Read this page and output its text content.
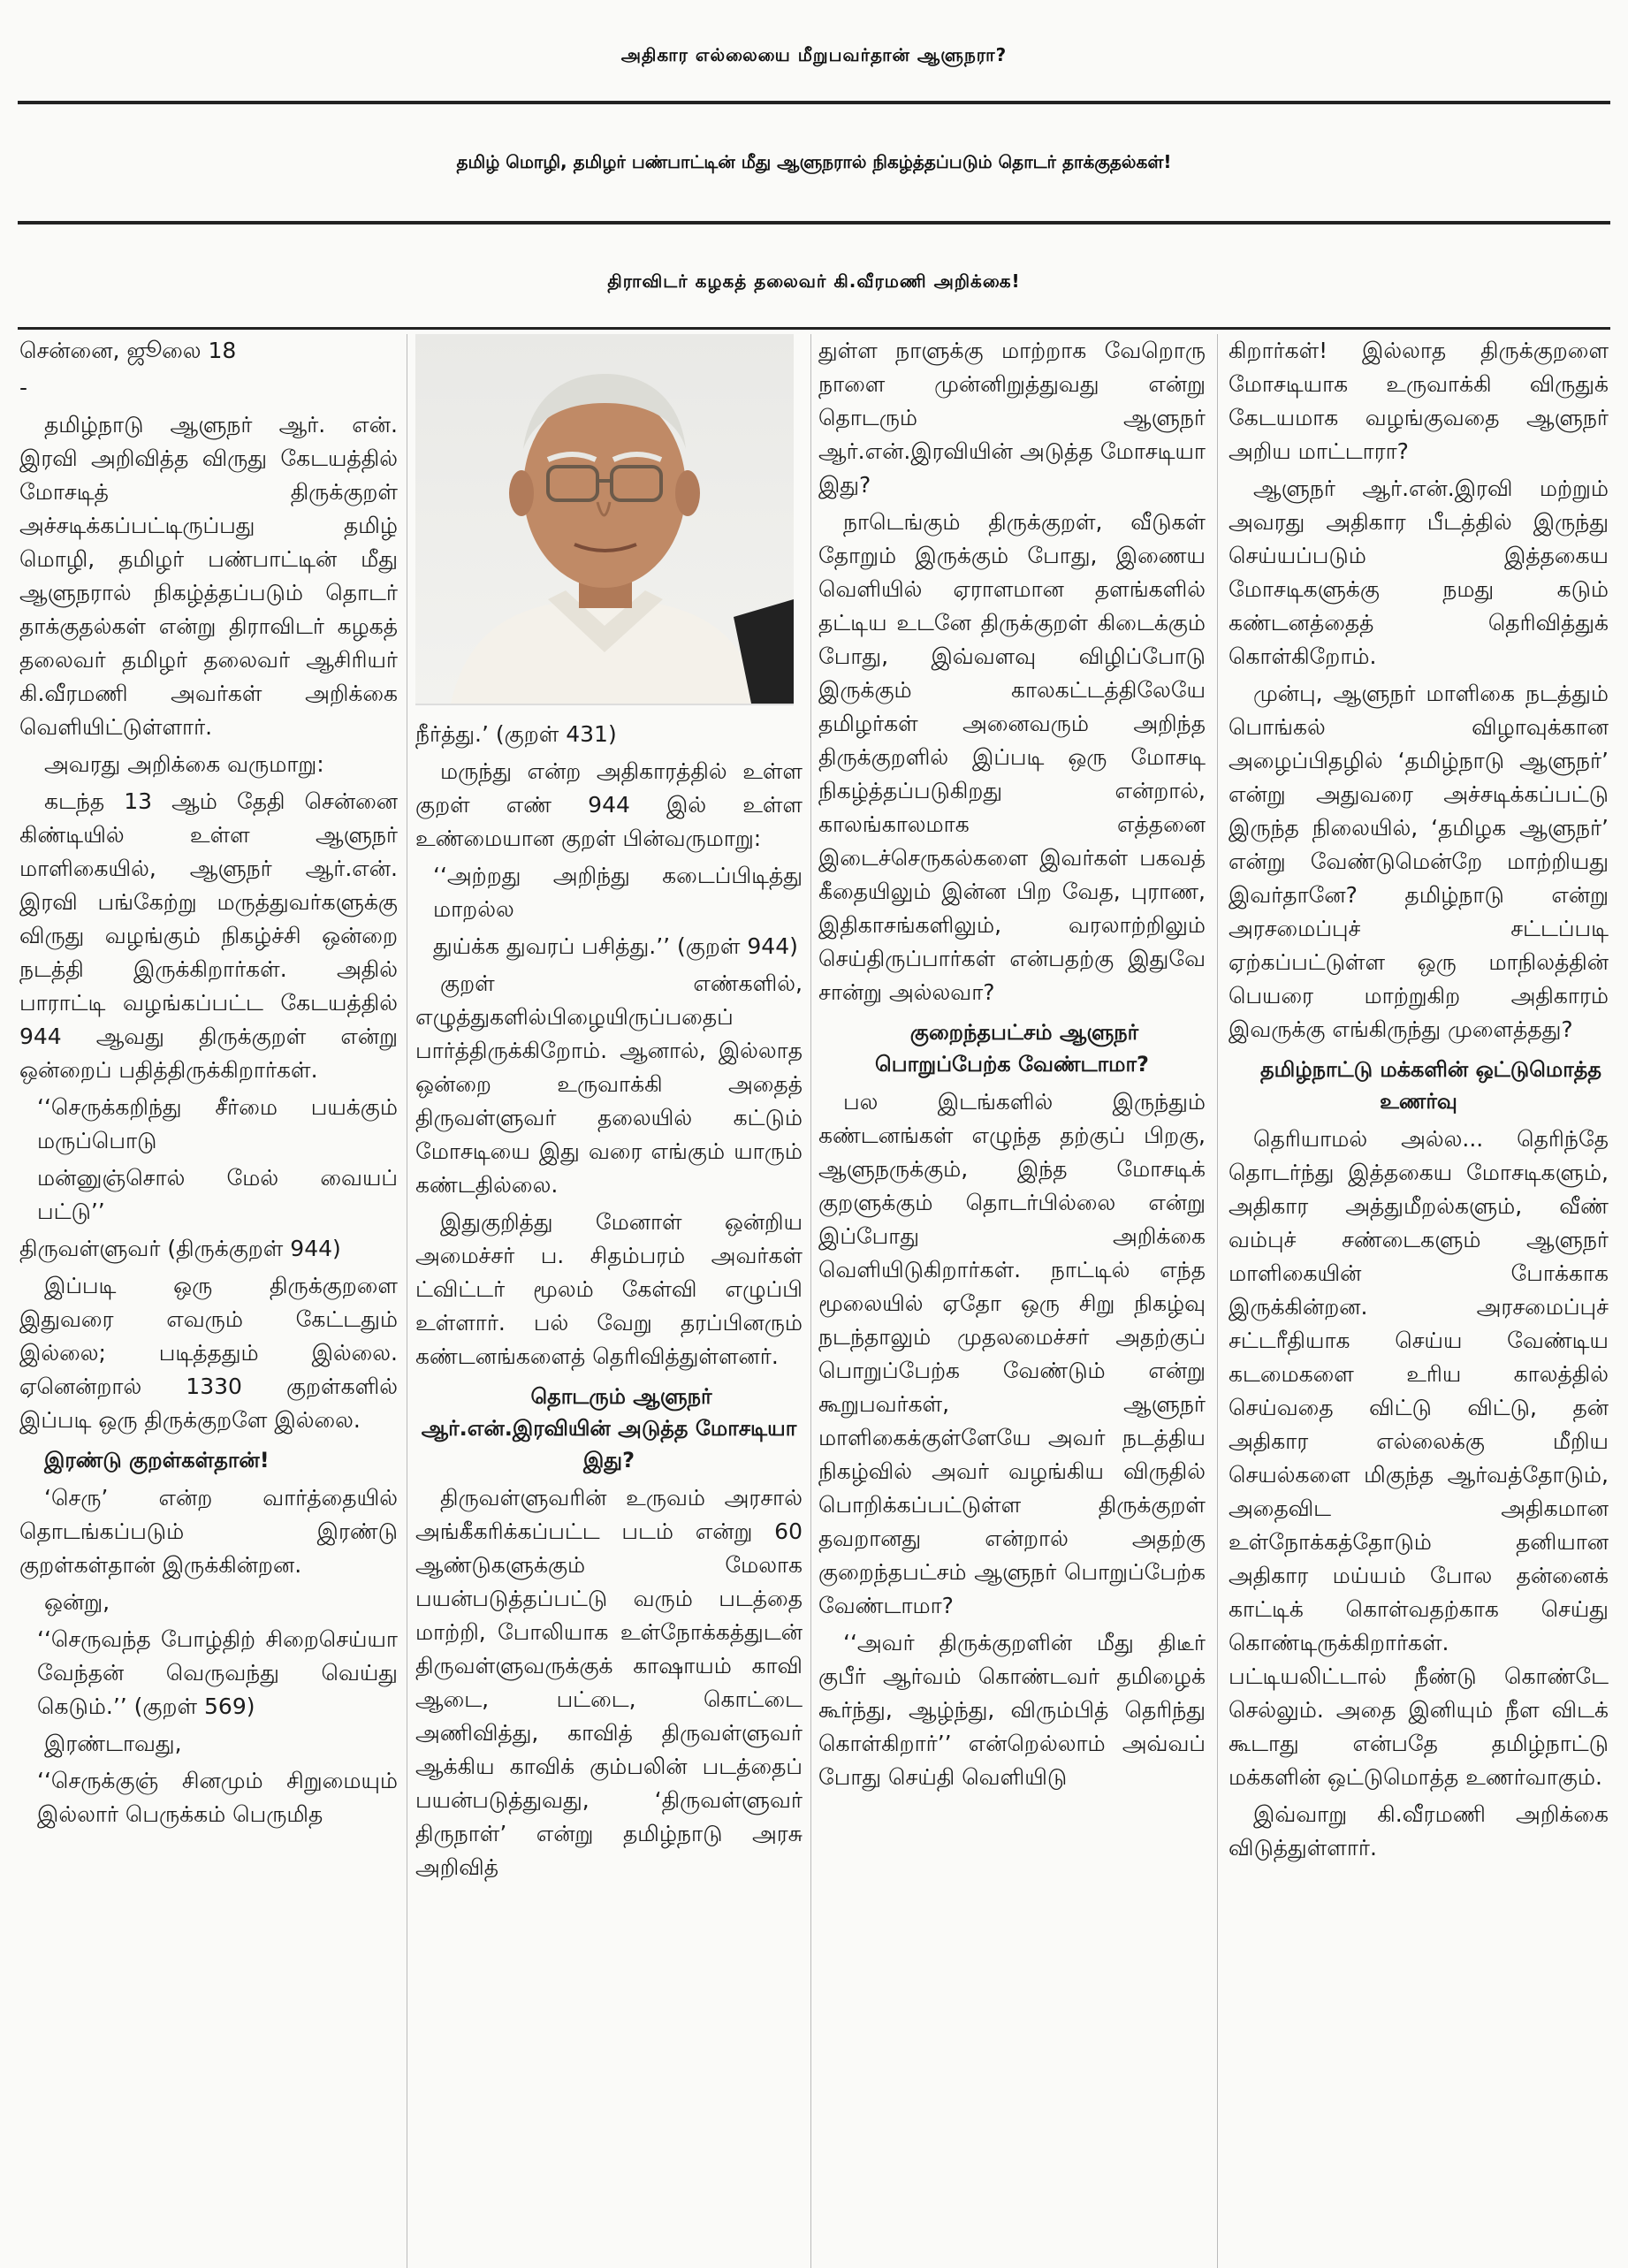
அதிகார எல்லையை மீறுபவர்தான் ஆளுநரா?
தமிழ் மொழி, தமிழர் பண்பாட்டின் மீது ஆளுநரால் நிகழ்த்தப்படும் தொடர் தாக்குதல்கள்!
திராவிடர் கழகத் தலைவர் கி.வீரமணி அறிக்கை!

சென்னை, ஜூலை 18

-

தமிழ்நாடு ஆளுநர் ஆர். என். இரவி அறிவித்த விருது கேடயத்தில் மோசடித் திருக்குறள் அச்சடிக்கப்பட்டிருப்பது தமிழ் மொழி, தமிழர் பண்பாட்டின் மீது ஆளுநரால் நிகழ்த்தப்படும் தொடர் தாக்குதல்கள் என்று திராவிடர் கழகத் தலைவர் தமிழர் தலைவர் ஆசிரியர் கி.வீரமணி அவர்கள் அறிக்கை வெளியிட்டுள்ளார்.

அவரது அறிக்கை வருமாறு:

கடந்த 13 ஆம் தேதி சென்னை கிண்டியில் உள்ள ஆளுநர் மாளிகையில், ஆளுநர் ஆர்.என். இரவி பங்கேற்று மருத்துவர்களுக்கு விருது வழங்கும் நிகழ்ச்சி ஒன்றை நடத்தி இருக்கிறார்கள். அதில் பாராட்டி வழங்கப்பட்ட கேடயத்தில் 944 ஆவது திருக்குறள் என்று ஒன்றைப் பதித்திருக்கிறார்கள்.

‘‘செருக்கறிந்து சீர்மை பயக்கும் மருப்பொடு

மன்னுஞ்சொல் மேல் வையப் பட்டு’’

திருவள்ளுவர் (திருக்குறள் 944)

இப்படி ஒரு திருக்குறளை இதுவரை எவரும் கேட்டதும் இல்லை; படித்ததும் இல்லை. ஏனென்றால் 1330 குறள்களில் இப்படி ஒரு திருக்குறளே இல்லை.

இரண்டு குறள்கள்தான்!

‘செரு’ என்ற வார்த்தையில் தொடங்கப்படும் இரண்டு குறள்கள்தான் இருக்கின்றன.

ஒன்று,

‘‘செருவந்த போழ்திற் சிறைசெய்யா வேந்தன் வெருவந்து வெய்து கெடும்.’’ (குறள் 569)

இரண்டாவது,

‘‘செருக்குஞ் சினமும் சிறுமையும் இல்லார் பெருக்கம் பெருமித

நீர்த்து.’ (குறள் 431)

மருந்து என்ற அதிகாரத்தில் உள்ள குறள் எண் 944 இல் உள்ள உண்மையான குறள் பின்வருமாறு:

‘‘அற்றது அறிந்து கடைப்பிடித்து மாறல்ல

துய்க்க துவரப் பசித்து.’’ (குறள் 944)

குறள் எண்களில், எழுத்துகளில்பிழையிருப்பதைப் பார்த்திருக்கிறோம். ஆனால், இல்லாத ஒன்றை உருவாக்கி அதைத் திருவள்ளுவர் தலையில் கட்டும் மோசடியை இது வரை எங்கும் யாரும் கண்டதில்லை.

இதுகுறித்து மேனாள் ஒன்றிய அமைச்சர் ப. சிதம்பரம் அவர்கள் ட்விட்டர் மூலம் கேள்வி எழுப்பி உள்ளார். பல் வேறு தரப்பினரும் கண்டனங்களைத் தெரிவித்துள்ளனர்.

தொடரும் ஆளுநர் ஆர்.என்.இரவியின் அடுத்த மோசடியா இது?

திருவள்ளுவரின் உருவம் அரசால் அங்கீகரிக்கப்பட்ட படம் என்று 60 ஆண்டுகளுக்கும் மேலாக பயன்படுத்தப்பட்டு வரும் படத்தை மாற்றி, போலியாக உள்நோக்கத்துடன் திருவள்ளுவருக்குக் காஷாயம் காவி ஆடை, பட்டை, கொட்டை அணிவித்து, காவித் திருவள்ளுவர் ஆக்கிய காவிக் கும்பலின் படத்தைப் பயன்படுத்துவது, ‘திருவள்ளுவர் திருநாள்’ என்று தமிழ்நாடு அரசு அறிவித்

துள்ள நாளுக்கு மாற்றாக வேறொரு நாளை முன்னிறுத்துவது என்று தொடரும் ஆளுநர் ஆர்.என்.இரவியின் அடுத்த மோசடியா இது?

நாடெங்கும் திருக்குறள், வீடுகள் தோறும் இருக்கும் போது, இணைய வெளியில் ஏராளமான தளங்களில் தட்டிய உடனே திருக்குறள் கிடைக்கும் போது, இவ்வளவு விழிப்போடு இருக்கும் காலகட்டத்திலேயே தமிழர்கள் அனைவரும் அறிந்த திருக்குறளில் இப்படி ஒரு மோசடி நிகழ்த்தப்படுகிறது என்றால், காலங்காலமாக எத்தனை இடைச்செருகல்களை இவர்கள் பகவத் கீதையிலும் இன்ன பிற வேத, புராண, இதிகாசங்களிலும், வரலாற்றிலும் செய்திருப்பார்கள் என்பதற்கு இதுவே சான்று அல்லவா?

குறைந்தபட்சம் ஆளுநர் பொறுப்பேற்க வேண்டாமா?

பல இடங்களில் இருந்தும் கண்டனங்கள் எழுந்த தற்குப் பிறகு, ஆளுநருக்கும், இந்த மோசடிக் குறளுக்கும் தொடர்பில்லை என்று இப்போது அறிக்கை வெளியிடுகிறார்கள். நாட்டில் எந்த மூலையில் ஏதோ ஒரு சிறு நிகழ்வு நடந்தாலும் முதலமைச்சர் அதற்குப் பொறுப்பேற்க வேண்டும் என்று கூறுபவர்கள், ஆளுநர் மாளிகைக்குள்ளேயே அவர் நடத்திய நிகழ்வில் அவர் வழங்கிய விருதில் பொறிக்கப்பட்டுள்ள திருக்குறள் தவறானது என்றால் அதற்கு குறைந்தபட்சம் ஆளுநர் பொறுப்பேற்க வேண்டாமா?

‘‘அவர் திருக்குறளின் மீது திடீர் குபீர் ஆர்வம் கொண்டவர் தமிழைக் கூர்ந்து, ஆழ்ந்து, விரும்பித் தெரிந்து கொள்கிறார்’’ என்றெல்லாம் அவ்வப் போது செய்தி வெளியிடு

கிறார்கள்! இல்லாத திருக்குறளை மோசடியாக உருவாக்கி விருதுக் கேடயமாக வழங்குவதை ஆளுநர் அறிய மாட்டாரா?

ஆளுநர் ஆர்.என்.இரவி மற்றும் அவரது அதிகார பீடத்தில் இருந்து செய்யப்படும் இத்தகைய மோசடிகளுக்கு நமது கடும் கண்டனத்தைத் தெரிவித்துக் கொள்கிறோம்.

முன்பு, ஆளுநர் மாளிகை நடத்தும் பொங்கல் விழாவுக்கான அழைப்பிதழில் ‘தமிழ்நாடு ஆளுநர்’ என்று அதுவரை அச்சடிக்கப்பட்டு இருந்த நிலையில், ‘தமிழக ஆளுநர்’ என்று வேண்டுமென்றே மாற்றியது இவர்தானே? தமிழ்நாடு என்று அரசமைப்புச் சட்டப்படி ஏற்கப்பட்டுள்ள ஒரு மாநிலத்தின் பெயரை மாற்றுகிற அதிகாரம் இவருக்கு எங்கிருந்து முளைத்தது?

தமிழ்நாட்டு மக்களின் ஒட்டுமொத்த உணர்வு

தெரியாமல் அல்ல... தெரிந்தே தொடர்ந்து இத்தகைய மோசடிகளும், அதிகார அத்துமீறல்களும், வீண் வம்புச் சண்டைகளும் ஆளுநர் மாளிகையின் போக்காக இருக்கின்றன. அரசமைப்புச் சட்டரீதியாக செய்ய வேண்டிய கடமைகளை உரிய காலத்தில் செய்வதை விட்டு விட்டு, தன் அதிகார எல்லைக்கு மீறிய செயல்களை மிகுந்த ஆர்வத்தோடும், அதைவிட அதிகமான உள்நோக்கத்தோடும் தனியான அதிகார மய்யம் போல தன்னைக் காட்டிக் கொள்வதற்காக செய்து கொண்டிருக்கிறார்கள். பட்டியலிட்டால் நீண்டு கொண்டே செல்லும். அதை இனியும் நீள விடக் கூடாது என்பதே தமிழ்நாட்டு மக்களின் ஒட்டுமொத்த உணர்வாகும்.

இவ்வாறு கி.வீரமணி அறிக்கை விடுத்துள்ளார்.
